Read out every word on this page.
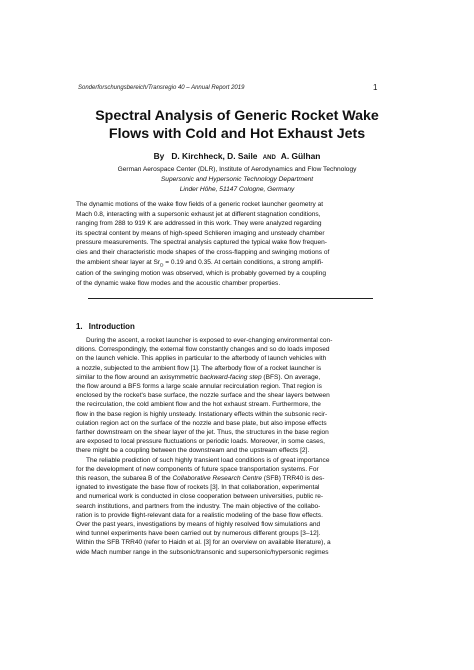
Sonderforschungsbereich/Transregio 40 – Annual Report 2019	1
Spectral Analysis of Generic Rocket Wake
Flows with Cold and Hot Exhaust Jets
By D. Kirchheck, D. Saile AND A. Gülhan
German Aerospace Center (DLR), Institute of Aerodynamics and Flow Technology
Supersonic and Hypersonic Technology Department
Linder Höhe, 51147 Cologne, Germany
The dynamic motions of the wake flow fields of a generic rocket launcher geometry at
Mach 0.8, interacting with a supersonic exhaust jet at different stagnation conditions,
ranging from 288 to 919 K are addressed in this work. They were analyzed regarding
its spectral content by means of high-speed Schlieren imaging and unsteady chamber
pressure measurements. The spectral analysis captured the typical wake flow frequen-
cies and their characteristic mode shapes of the cross-flapping and swinging motions of
the ambient shear layer at $Sr_D = 0.19$ and 0.35. At certain conditions, a strong amplifi-
cation of the swinging motion was observed, which is probably governed by a coupling
of the dynamic wake flow modes and the acoustic chamber properties.
1. Introduction
During the ascent, a rocket launcher is exposed to ever-changing environmental con-
ditions. Correspondingly, the external flow constantly changes and so do loads imposed
on the launch vehicle. This applies in particular to the afterbody of launch vehicles with
a nozzle, subjected to the ambient flow [1]. The afterbody flow of a rocket launcher is
similar to the flow around an axisymmetric backward-facing step (BFS). On average,
the flow around a BFS forms a large scale annular recirculation region. That region is
enclosed by the rocket's base surface, the nozzle surface and the shear layers between
the recirculation, the cold ambient flow and the hot exhaust stream. Furthermore, the
flow in the base region is highly unsteady. Instationary effects within the subsonic recir-
culation region act on the surface of the nozzle and base plate, but also impose effects
farther downstream on the shear layer of the jet. Thus, the structures in the base region
are exposed to local pressure fluctuations or periodic loads. Moreover, in some cases,
there might be a coupling between the downstream and the upstream effects [2].
The reliable prediction of such highly transient load conditions is of great importance
for the development of new components of future space transportation systems. For
this reason, the subarea B of the Collaborative Research Centre (SFB) TRR40 is des-
ignated to investigate the base flow of rockets [3]. In that collaboration, experimental
and numerical work is conducted in close cooperation between universities, public re-
search institutions, and partners from the industry. The main objective of the collabo-
ration is to provide flight-relevant data for a realistic modeling of the base flow effects.
Over the past years, investigations by means of highly resolved flow simulations and
wind tunnel experiments have been carried out by numerous different groups [3–12].
Within the SFB TRR40 (refer to Haidn et al. [3] for an overview on available literature), a
wide Mach number range in the subsonic/transonic and supersonic/hypersonic regimes
